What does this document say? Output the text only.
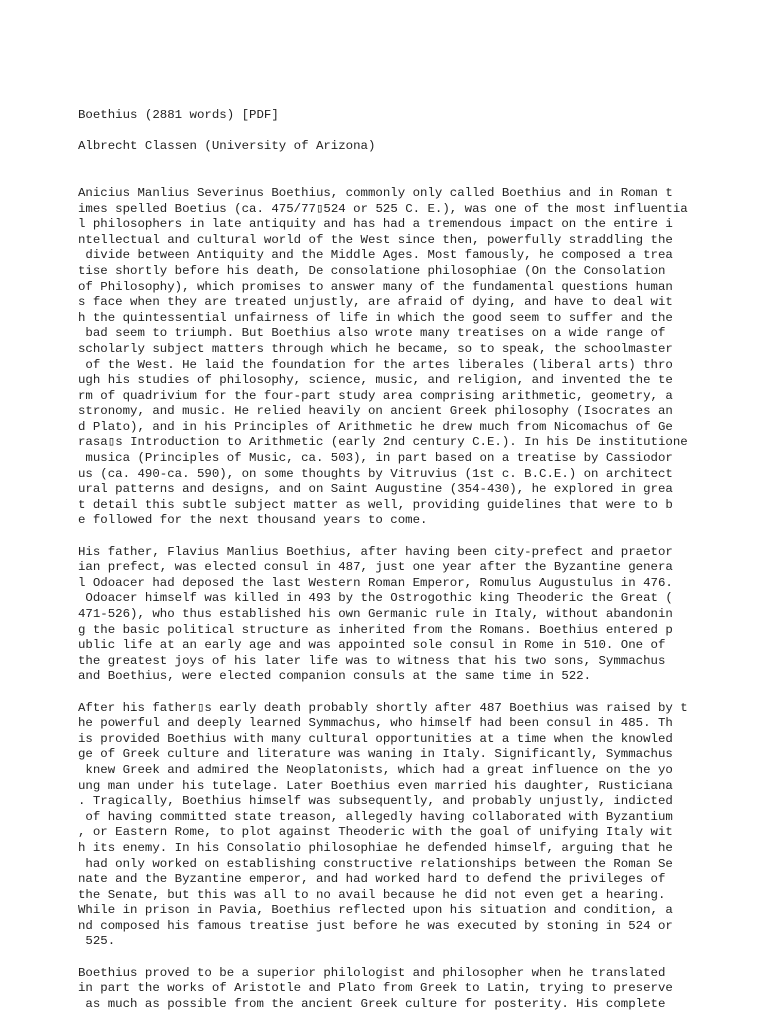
Boethius (2881 words) [PDF]
Albrecht Classen (University of Arizona)
Anicius Manlius Severinus Boethius, commonly only called Boethius and in Roman t
imes spelled Boetius (ca. 475/77▯524 or 525 C. E.), was one of the most influentia
l philosophers in late antiquity and has had a tremendous impact on the entire i
ntellectual and cultural world of the West since then, powerfully straddling the
divide between Antiquity and the Middle Ages. Most famously, he composed a trea
tise shortly before his death, De consolatione philosophiae (On the Consolation
of Philosophy), which promises to answer many of the fundamental questions human
s face when they are treated unjustly, are afraid of dying, and have to deal wit
h the quintessential unfairness of life in which the good seem to suffer and the
bad seem to triumph. But Boethius also wrote many treatises on a wide range of
scholarly subject matters through which he became, so to speak, the schoolmaster
of the West. He laid the foundation for the artes liberales (liberal arts) thro
ugh his studies of philosophy, science, music, and religion, and invented the te
rm of quadrivium for the four-part study area comprising arithmetic, geometry, a
stronomy, and music. He relied heavily on ancient Greek philosophy (Isocrates an
d Plato), and in his Principles of Arithmetic he drew much from Nicomachus of Ge
rasa▯s Introduction to Arithmetic (early 2nd century C.E.). In his De institutione
musica (Principles of Music, ca. 503), in part based on a treatise by Cassiodor
us (ca. 490-ca. 590), on some thoughts by Vitruvius (1st c. B.C.E.) on architect
ural patterns and designs, and on Saint Augustine (354-430), he explored in grea
t detail this subtle subject matter as well, providing guidelines that were to b
e followed for the next thousand years to come.
His father, Flavius Manlius Boethius, after having been city-prefect and praetor
ian prefect, was elected consul in 487, just one year after the Byzantine genera
l Odoacer had deposed the last Western Roman Emperor, Romulus Augustulus in 476.
Odoacer himself was killed in 493 by the Ostrogothic king Theoderic the Great (
471-526), who thus established his own Germanic rule in Italy, without abandonin
g the basic political structure as inherited from the Romans. Boethius entered p
ublic life at an early age and was appointed sole consul in Rome in 510. One of
the greatest joys of his later life was to witness that his two sons, Symmachus
and Boethius, were elected companion consuls at the same time in 522.
After his father▯s early death probably shortly after 487 Boethius was raised by t
he powerful and deeply learned Symmachus, who himself had been consul in 485. Th
is provided Boethius with many cultural opportunities at a time when the knowled
ge of Greek culture and literature was waning in Italy. Significantly, Symmachus
knew Greek and admired the Neoplatonists, which had a great influence on the yo
ung man under his tutelage. Later Boethius even married his daughter, Rusticiana
. Tragically, Boethius himself was subsequently, and probably unjustly, indicted
of having committed state treason, allegedly having collaborated with Byzantium
, or Eastern Rome, to plot against Theoderic with the goal of unifying Italy wit
h its enemy. In his Consolatio philosophiae he defended himself, arguing that he
had only worked on establishing constructive relationships between the Roman Se
nate and the Byzantine emperor, and had worked hard to defend the privileges of
the Senate, but this was all to no avail because he did not even get a hearing.
While in prison in Pavia, Boethius reflected upon his situation and condition, a
nd composed his famous treatise just before he was executed by stoning in 524 or
525.
Boethius proved to be a superior philologist and philosopher when he translated
in part the works of Aristotle and Plato from Greek to Latin, trying to preserve
as much as possible from the ancient Greek culture for posterity. His complete
